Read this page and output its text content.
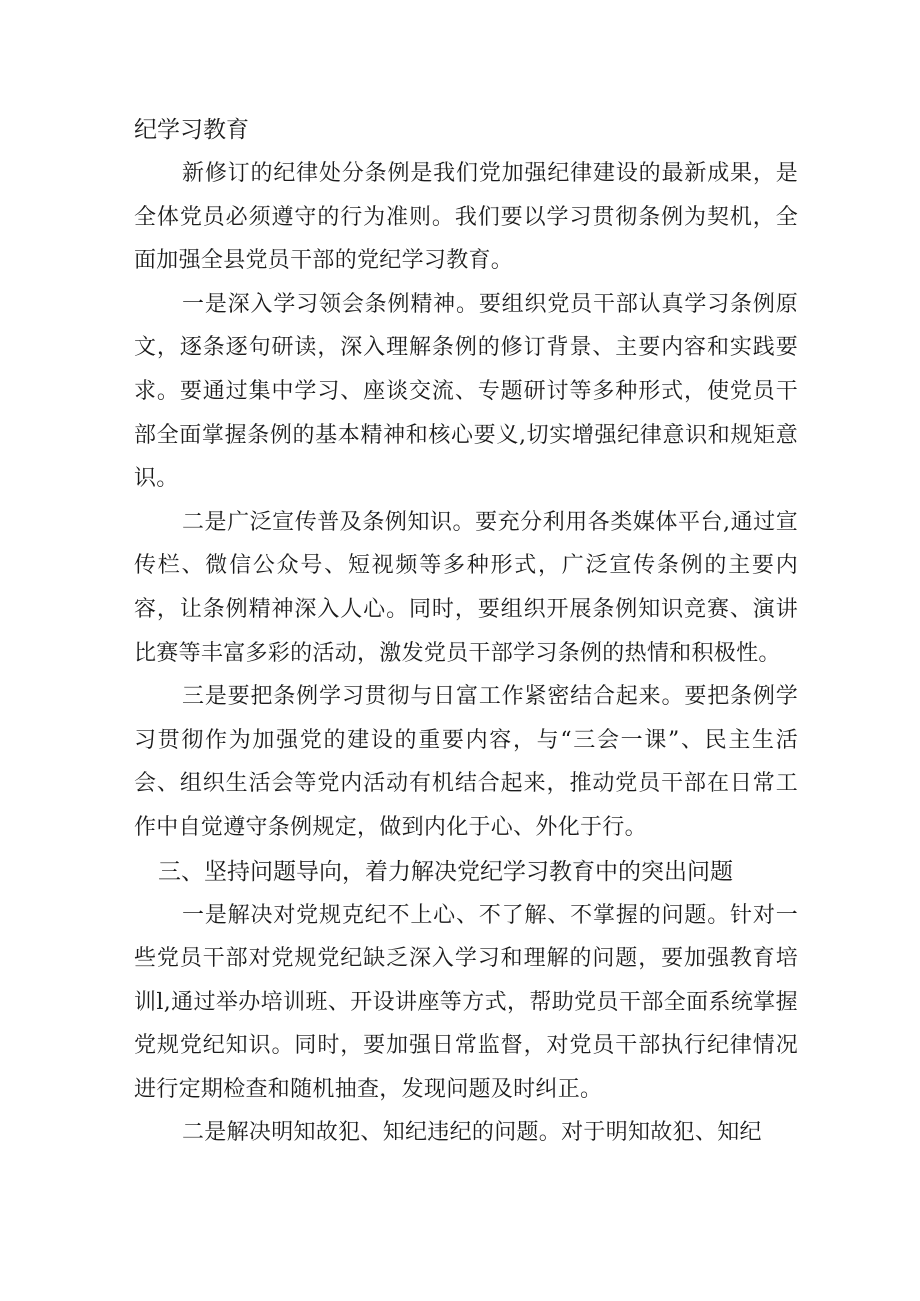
纪学习教育

新修订的纪律处分条例是我们党加强纪律建设的最新成果，是全体党员必须遵守的行为准则。我们要以学习贯彻条例为契机，全面加强全县党员干部的党纪学习教育。

一是深入学习领会条例精神。要组织党员干部认真学习条例原文，逐条逐句研读，深入理解条例的修订背景、主要内容和实践要求。要通过集中学习、座谈交流、专题研讨等多种形式，使党员干部全面掌握条例的基本精神和核心要义,切实增强纪律意识和规矩意识。

二是广泛宣传普及条例知识。要充分利用各类媒体平台,通过宣传栏、微信公众号、短视频等多种形式，广泛宣传条例的主要内容，让条例精神深入人心。同时，要组织开展条例知识竞赛、演讲比赛等丰富多彩的活动，激发党员干部学习条例的热情和积极性。

三是要把条例学习贯彻与日富工作紧密结合起来。要把条例学习贯彻作为加强党的建设的重要内容，与“三会一课”、民主生活会、组织生活会等党内活动有机结合起来，推动党员干部在日常工作中自觉遵守条例规定，做到内化于心、外化于行。

三、坚持问题导向，着力解决党纪学习教育中的突出问题

一是解决对党规克纪不上心、不了解、不掌握的问题。针对一些党员干部对党规党纪缺乏深入学习和理解的问题，要加强教育培训l,通过举办培训班、开设讲座等方式，帮助党员干部全面系统掌握党规党纪知识。同时，要加强日常监督，对党员干部执行纪律情况进行定期检查和随机抽查，发现问题及时纠正。

二是解决明知故犯、知纪违纪的问题。对于明知故犯、知纪
